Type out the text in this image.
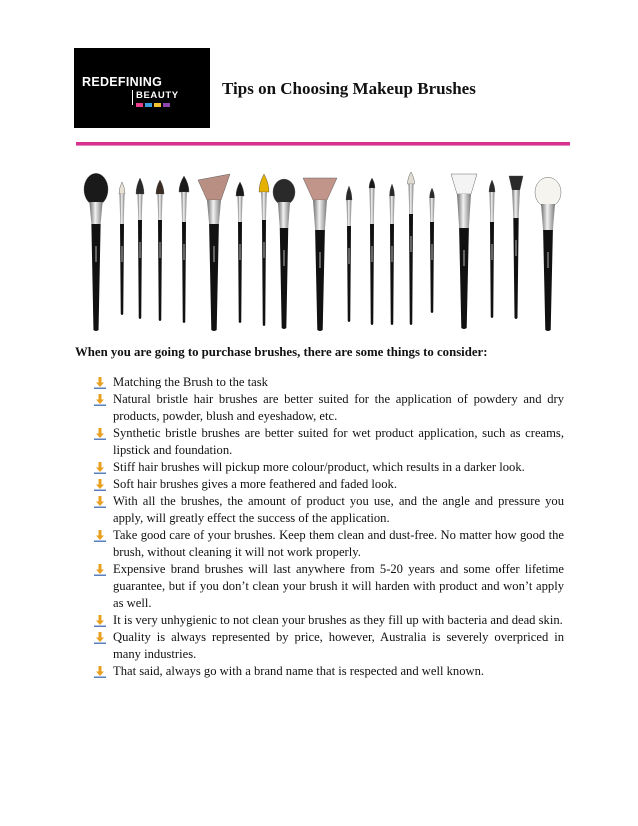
REDEFINING
BEAUTY	Tips on Choosing Makeup Brushes
When you are going to purchase brushes, there are some things to consider:
Matching the Brush to the task
Natural bristle hair brushes are better suited for the application of powdery and dry products, powder, blush and eyeshadow, etc.
Synthetic bristle brushes are better suited for wet product application, such as creams, lipstick and foundation.
Stiff hair brushes will pickup more colour/product, which results in a darker look.
Soft hair brushes gives a more feathered and faded look.
With all the brushes, the amount of product you use, and the angle and pressure you apply, will greatly effect the success of the application.
Take good care of your brushes. Keep them clean and dust-free. No matter how good the brush, without cleaning it will not work properly.
Expensive brand brushes will last anywhere from 5-20 years and some offer lifetime guarantee, but if you don’t clean your brush it will harden with product and won’t apply as well.
It is very unhygienic to not clean your brushes as they fill up with bacteria and dead skin.
Quality is always represented by price, however, Australia is severely overpriced in many industries.
That said, always go with a brand name that is respected and well known.
